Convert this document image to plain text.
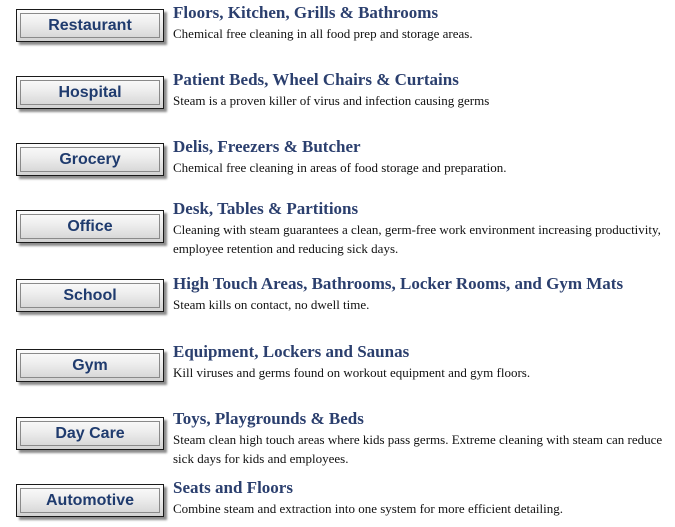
Restaurant
Floors, Kitchen, Grills & Bathrooms
Chemical free cleaning in all food prep and storage areas.
Hospital
Patient Beds, Wheel Chairs & Curtains
Steam is a proven killer of virus and infection causing germs
Grocery
Delis, Freezers & Butcher
Chemical free cleaning in areas of food storage and preparation.
Office
Desk, Tables & Partitions
Cleaning with steam guarantees a clean, germ-free work environment increasing productivity, employee retention and reducing sick days.
School
High Touch Areas, Bathrooms, Locker Rooms, and Gym Mats
Steam kills on contact, no dwell time.
Gym
Equipment, Lockers and Saunas
Kill viruses and germs found on workout equipment and gym floors.
Day Care
Toys, Playgrounds & Beds
Steam clean high touch areas where kids pass germs. Extreme cleaning with steam can reduce sick days for kids and employees.
Automotive
Seats and Floors
Combine steam and extraction into one system for more efficient detailing.
